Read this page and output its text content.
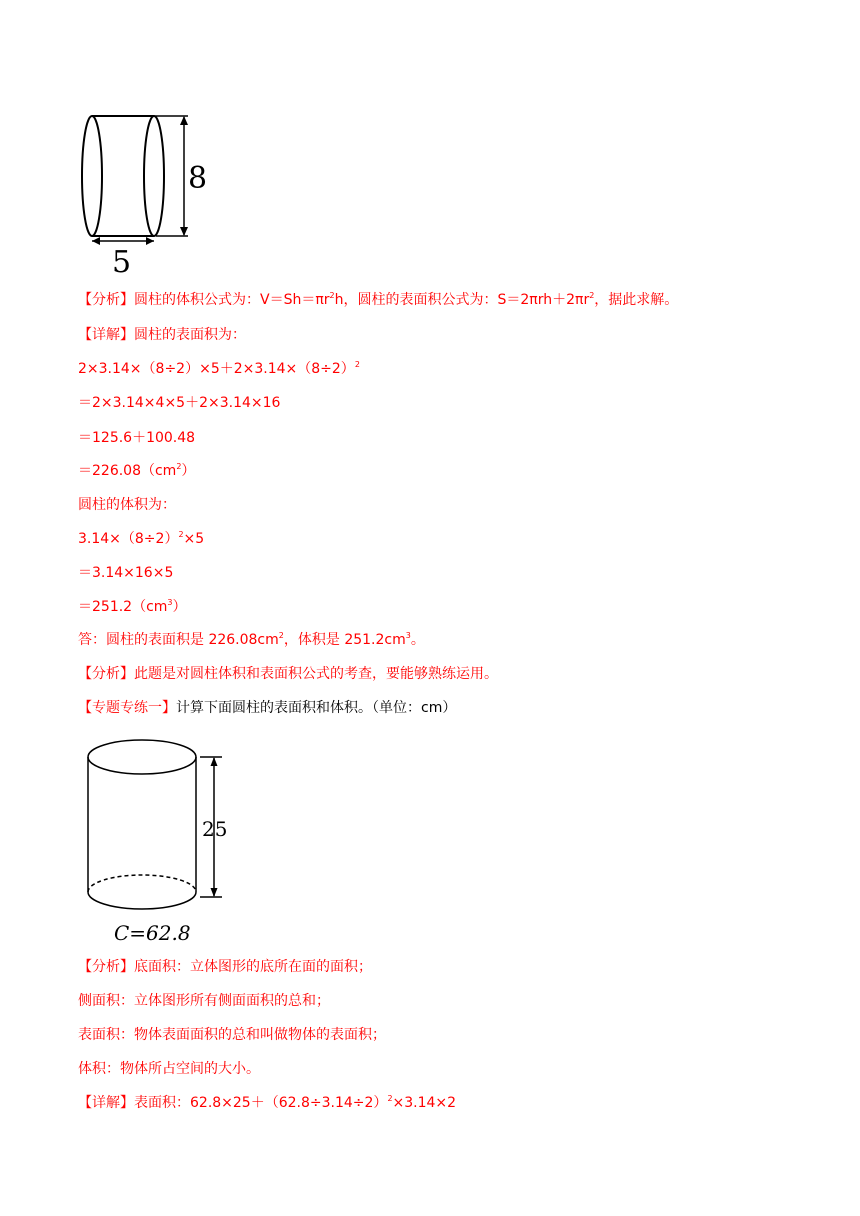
8
5
【分析】圆柱的体积公式为：$V=Sh=\pi r^2h$，圆柱的表面积公式为：$S=2\pi rh+2\pi r^2$，据此求解。
【详解】圆柱的表面积为：
$2\times 3.14\times(8\div 2)\times 5+2\times 3.14\times(8\div 2)^2$
＝2×3.14×4×5＋2×3.14×16
＝125.6＋100.48
$=226.08(cm^2)$
圆柱的体积为：
$3.14\times(8\div 2)^2\times 5$
＝3.14×16×5
$=251.2(cm^3)$
答：圆柱的表面积是 $226.08cm^2$，体积是 $251.2cm^3$。
【分析】此题是对圆柱体积和表面积公式的考查，要能够熟练运用。
【专题专练一】计算下面圆柱的表面积和体积。（单位：cm）
25
C=62.8
【分析】底面积：立体图形的底所在面的面积；
侧面积：立体图形所有侧面面积的总和；
表面积：物体表面面积的总和叫做物体的表面积；
体积：物体所占空间的大小。
【详解】表面积：$62.8\times 25+(62.8\div 3.14\div 2)^2\times 3.14\times 2$
